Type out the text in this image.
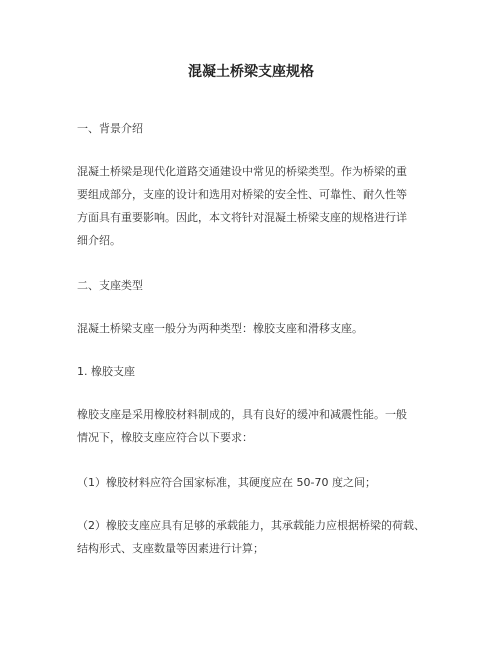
混凝土桥梁支座规格
一、背景介绍
混凝土桥梁是现代化道路交通建设中常见的桥梁类型。作为桥梁的重
要组成部分，支座的设计和选用对桥梁的安全性、可靠性、耐久性等
方面具有重要影响。因此，本文将针对混凝土桥梁支座的规格进行详
细介绍。
二、支座类型
混凝土桥梁支座一般分为两种类型：橡胶支座和滑移支座。
1. 橡胶支座
橡胶支座是采用橡胶材料制成的，具有良好的缓冲和减震性能。一般
情况下，橡胶支座应符合以下要求：
（1）橡胶材料应符合国家标准，其硬度应在 50-70 度之间；
（2）橡胶支座应具有足够的承载能力，其承载能力应根据桥梁的荷载、
结构形式、支座数量等因素进行计算；
